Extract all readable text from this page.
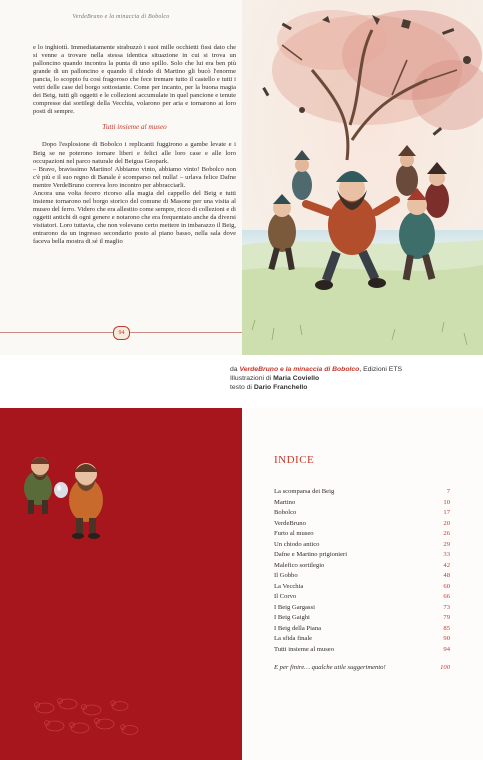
VerdeBruno e la minaccia di Bobolco

e lo inghiottì. Immediatamente strabuzzò i suoi mille occhietti fissi dato che si venne a trovare nella stessa identica situazione in cui si trova un palloncino quando incontra la punta di uno spillo. Solo che lui era ben più grande di un palloncino e quando il chiodo di Martino gli bucò l'enorme pancia, lo scoppio fu così fragoroso che fece tremare tutto il castello e tutti i vetri delle case del borgo sottostante. Come per incanto, per la buona magia dei Beig, tutti gli oggetti e le collezioni accumulate in quel pancione e tenute compresse dai sortilegi della Vecchia, volarono per aria e tornarono ai loro posti di sempre.

Tutti insieme al museo

Dopo l'esplosione di Bobolco i replicanti fuggirono a gambe levate e i Beig se ne poterono tornare liberi e felici alle loro case e alle loro occupazioni nel parco naturale del Beigua Geopark.

– Bravo, bravissimo Martino! Abbiamo vinto, abbiamo vinto! Bobolco non c'è più e il suo regno di Banale è scomparso nel nulla! – urlava felice Dafne mentre VerdeBruno correva loro incontro per abbracciarli.

Ancora una volta fecero ricorso alla magia del cappello del Beig e tutti insieme tornarono nel borgo storico del comune di Masone per una visita al museo del ferro. Videro che era allestito come sempre, ricco di collezioni e di oggetti antichi di ogni genere e notarono che era frequentato anche da diversi visitatori. Loro tuttavia, che non volevano certo mettere in imbarazzo il Beig, entrarono da un ingresso secondario posto al piano basso, nella sala dove faceva bella mostra di sé il maglio

94
da VerdeBruno e la minaccia di Bobolco, Edizioni ETS
Illustrazioni di Maria Coviello
testo di Dario Franchello
INDICE
La scomparsa dei Beig	7
Martino	10
Bobolco	17
VerdeBruno	20
Furto al museo	26
Un chiodo antico	29
Dafne e Martino prigionieri	33
Malefico sortilegio	42
Il Gobbo	48
La Vecchia	60
Il Corvo	66
I Beig Gargassi	73
I Beig Gaighi	79
I Beig della Piana	85
La sfida finale	90
Tutti insieme al museo	94
E per finire… qualche utile suggerimento!	100
